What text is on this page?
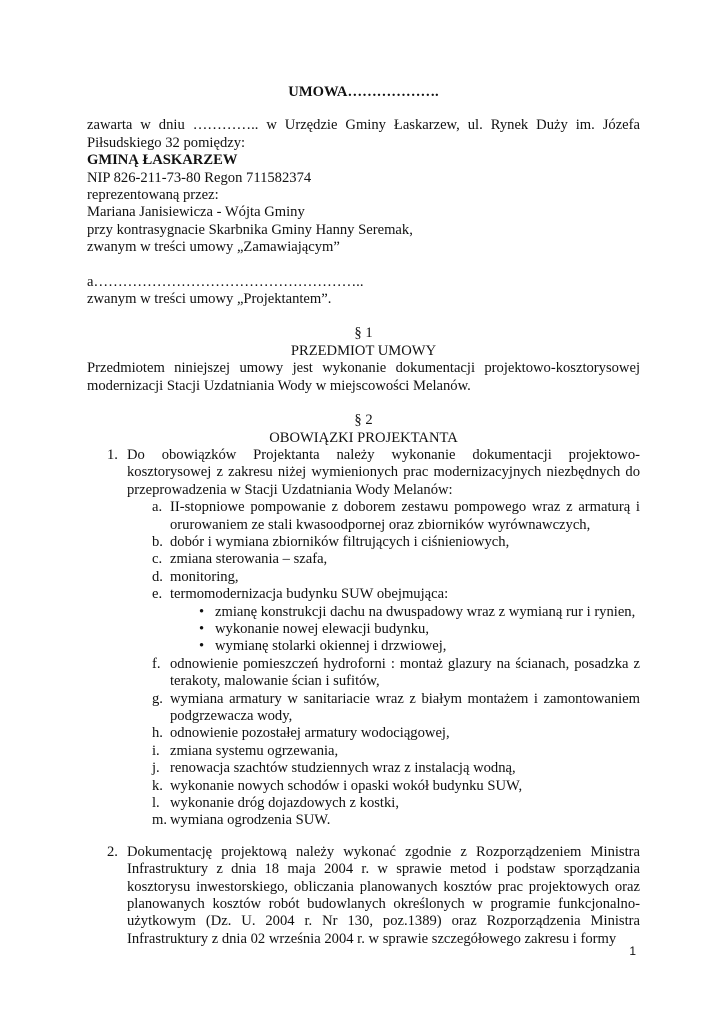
UMOWA……………….
zawarta w dniu ………….. w Urzędzie Gminy Łaskarzew, ul. Rynek Duży im. Józefa
Piłsudskiego 32 pomiędzy:
GMINĄ ŁASKARZEW
NIP 826-211-73-80 Regon 711582374
reprezentowaną przez:
Mariana Janisiewicza - Wójta Gminy
przy kontrasygnacie Skarbnika Gminy Hanny Seremak,
zwanym w treści umowy „Zamawiającym”
a………………………………………………..
zwanym w treści umowy „Projektantem”.
§ 1
PRZEDMIOT UMOWY
Przedmiotem niniejszej umowy jest wykonanie dokumentacji projektowo-kosztorysowej modernizacji Stacji Uzdatniania Wody w miejscowości Melanów.
§ 2
OBOWIĄZKI PROJEKTANTA
1. Do obowiązków Projektanta należy wykonanie dokumentacji projektowo-kosztorysowej z zakresu niżej wymienionych prac modernizacyjnych niezbędnych do przeprowadzenia w Stacji Uzdatniania Wody Melanów:
a. II-stopniowe pompowanie z doborem zestawu pompowego wraz z armaturą i orurowaniem ze stali kwasoodpornej oraz zbiorników wyrównawczych,
b. dobór i wymiana zbiorników filtrujących i ciśnieniowych,
c. zmiana sterowania – szafa,
d. monitoring,
e. termomodernizacja budynku SUW obejmująca:
• zmianę konstrukcji dachu na dwuspadowy wraz z wymianą rur i rynien,
• wykonanie nowej elewacji budynku,
• wymianę stolarki okiennej i drzwiowej,
f. odnowienie pomieszczeń hydroforni : montaż glazury na ścianach, posadzka z terakoty, malowanie ścian i sufitów,
g. wymiana armatury w sanitariacie wraz z białym montażem i zamontowaniem podgrzewacza wody,
h. odnowienie pozostałej armatury wodociągowej,
i. zmiana systemu ogrzewania,
j. renowacja szachtów studziennych wraz z instalacją wodną,
k. wykonanie nowych schodów i opaski wokół budynku SUW,
l. wykonanie dróg dojazdowych z kostki,
m. wymiana ogrodzenia SUW.
2. Dokumentację projektową należy wykonać zgodnie z Rozporządzeniem Ministra Infrastruktury z dnia 18 maja 2004 r. w sprawie metod i podstaw sporządzania kosztorysu inwestorskiego, obliczania planowanych kosztów prac projektowych oraz planowanych kosztów robót budowlanych określonych w programie funkcjonalno-użytkowym (Dz. U. 2004 r. Nr 130, poz.1389) oraz Rozporządzenia Ministra Infrastruktury z dnia 02 września 2004 r. w sprawie szczegółowego zakresu i formy
1
